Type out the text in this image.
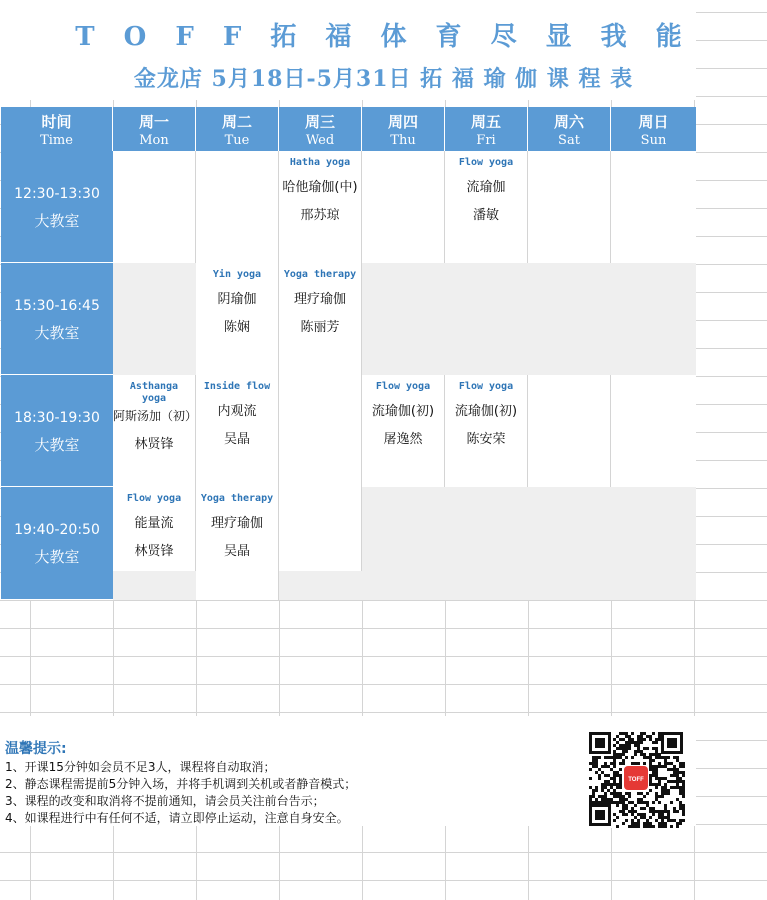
T O F F 拓 福 体 育 尽 显 我 能
金龙店 5月18日-5月31日 拓 福 瑜 伽 课 程 表
时间
Time
周一
Mon
周二
Tue
周三
Wed
周四
Thu
周五
Fri
周六
Sat
周日
Sun
12:30-13:30
大教室
Hatha yoga
哈他瑜伽(中)
邢苏琼
Flow yoga
流瑜伽
潘敏
15:30-16:45
大教室
Yin yoga
阴瑜伽
陈娴
Yoga therapy
理疗瑜伽
陈丽芳
18:30-19:30
大教室
Asthanga yoga
阿斯汤加（初）
林贤锋
Inside flow
内观流
吴晶
Flow yoga
流瑜伽(初)
屠逸然
Flow yoga
流瑜伽(初)
陈安荣
19:40-20:50
大教室
Flow yoga
能量流
林贤锋
Yoga therapy
理疗瑜伽
吴晶
温馨提示:
1、开课15分钟如会员不足3人，课程将自动取消；
2、静态课程需提前5分钟入场，并将手机调到关机或者静音模式；
3、课程的改变和取消将不提前通知，请会员关注前台告示；
4、如课程进行中有任何不适，请立即停止运动，注意自身安全。
TOFF
